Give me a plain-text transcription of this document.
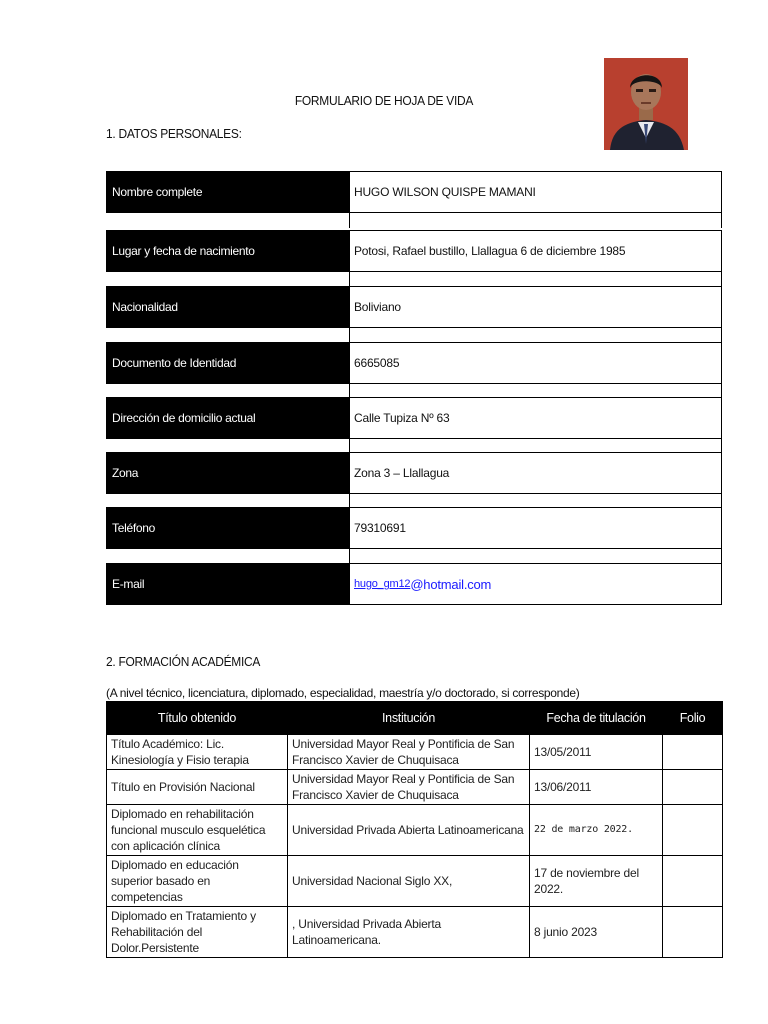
FORMULARIO DE HOJA DE VIDA
1. DATOS PERSONALES:
Nombre complete	HUGO WILSON QUISPE MAMANI
Lugar y fecha de nacimiento	Potosi, Rafael bustillo, Llallagua 6 de diciembre 1985
Nacionalidad	Boliviano
Documento de Identidad	6665085
Dirección de domicilio actual	Calle Tupiza Nº 63
Zona	Zona 3 – Llallagua
Teléfono	79310691
E-mail	hugo_gm12 @hotmail.com
2. FORMACIÓN ACADÉMICA
(A nivel técnico, licenciatura, diplomado, especialidad, maestría y/o doctorado, si corresponde)
Título obtenido	Institución	Fecha de titulación	Folio
Título Académico: Lic. Kinesiología y Fisio terapia	Universidad Mayor Real y Pontificia de San Francisco Xavier de Chuquisaca	13/05/2011	
Título en Provisión Nacional	Universidad Mayor Real y Pontificia de San Francisco Xavier de Chuquisaca	13/06/2011	
Diplomado en rehabilitación funcional musculo esquelética con aplicación clínica	Universidad Privada Abierta Latinoamericana	22 de marzo 2022.	
Diplomado en educación superior basado en competencias	Universidad Nacional Siglo XX,	17 de noviembre del 2022.	
Diplomado en Tratamiento y Rehabilitación del Dolor.Persistente	, Universidad Privada Abierta Latinoamericana.	8 junio 2023	
